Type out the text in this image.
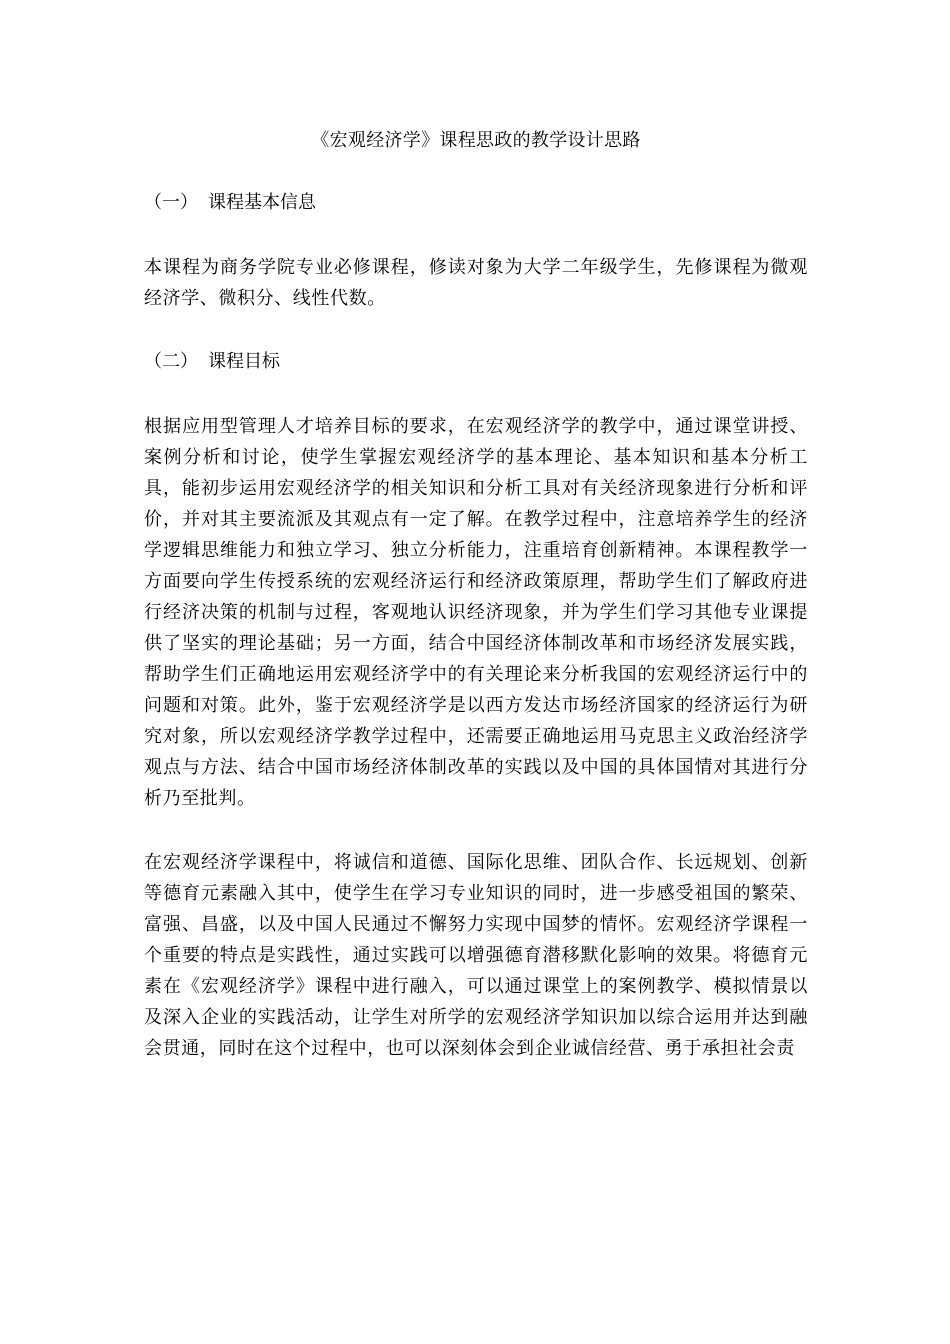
《宏观经济学》课程思政的教学设计思路
（一） 课程基本信息

本课程为商务学院专业必修课程，修读对象为大学二年级学生，先修课程为微观经济学、微积分、线性代数。

（二） 课程目标

根据应用型管理人才培养目标的要求，在宏观经济学的教学中，通过课堂讲授、案例分析和讨论，使学生掌握宏观经济学的基本理论、基本知识和基本分析工具，能初步运用宏观经济学的相关知识和分析工具对有关经济现象进行分析和评价，并对其主要流派及其观点有一定了解。在教学过程中，注意培养学生的经济学逻辑思维能力和独立学习、独立分析能力，注重培育创新精神。本课程教学一方面要向学生传授系统的宏观经济运行和经济政策原理，帮助学生们了解政府进行经济决策的机制与过程，客观地认识经济现象，并为学生们学习其他专业课提供了坚实的理论基础；另一方面，结合中国经济体制改革和市场经济发展实践，帮助学生们正确地运用宏观经济学中的有关理论来分析我国的宏观经济运行中的问题和对策。此外，鉴于宏观经济学是以西方发达市场经济国家的经济运行为研究对象，所以宏观经济学教学过程中，还需要正确地运用马克思主义政治经济学观点与方法、结合中国市场经济体制改革的实践以及中国的具体国情对其进行分析乃至批判。

在宏观经济学课程中，将诚信和道德、国际化思维、团队合作、长远规划、创新等德育元素融入其中，使学生在学习专业知识的同时，进一步感受祖国的繁荣、富强、昌盛，以及中国人民通过不懈努力实现中国梦的情怀。宏观经济学课程一个重要的特点是实践性，通过实践可以增强德育潜移默化影响的效果。将德育元素在《宏观经济学》课程中进行融入，可以通过课堂上的案例教学、模拟情景以及深入企业的实践活动，让学生对所学的宏观经济学知识加以综合运用并达到融会贯通，同时在这个过程中，也可以深刻体会到企业诚信经营、勇于承担社会责
